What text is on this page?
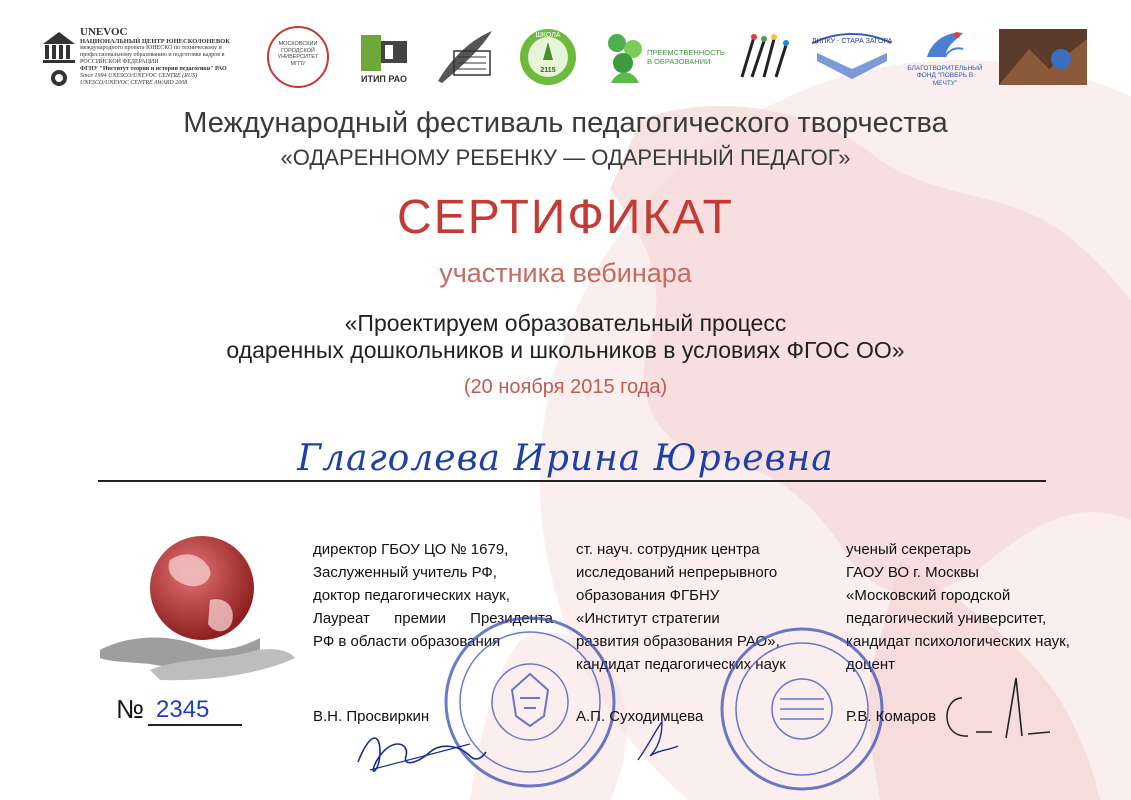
UNEVOC
НАЦИОНАЛЬНЫЙ ЦЕНТР ЮНЕСКО/ЮНЕВОК
международного проекта ЮНЕСКО по техническому и профессиональному образованию и подготовке кадров в РОССИЙСКОЙ ФЕДЕРАЦИИ
ФГНУ "Институт теории и истории педагогики" РАО
Since 1994 UNESCO/UNEVOC CENTRE (RUS)
UNESCO/UNEVOC CENTRE AWARD 2008
МОСКОВСКИЙ ГОРОДСКОЙ УНИВЕРСИТЕТ МГПУ
ИТИП РАО
ШКОЛА
2115
ПРЕЕМСТВЕННОСТЬ В ОБРАЗОВАНИИ
ДИПКУ - СТАРА ЗАГОРА
БЛАГОТВОРИТЕЛЬНЫЙ ФОНД "ПОВЕРЬ В МЕЧТУ"
Международный фестиваль педагогического творчества
«ОДАРЕННОМУ РЕБЕНКУ — ОДАРЕННЫЙ ПЕДАГОГ»
СЕРТИФИКАТ
участника вебинара
«Проектируем образовательный процесс
одаренных дошкольников и школьников в условиях ФГОС ОО»
(20 ноября 2015 года)
Глаголева Ирина Юрьевна
№ 2345
директор ГБОУ ЦО № 1679,
Заслуженный учитель РФ,
доктор педагогических наук,
Лауреат премии Президента
РФ в области образования
ст. науч. сотрудник центра
исследований непрерывного
образования ФГБНУ
«Институт стратегии
развития образования РАО»,
кандидат педагогических наук
ученый секретарь
ГАОУ ВО г. Москвы
«Московский городской
педагогический университет,
кандидат психологических наук,
доцент
В.Н. Просвиркин	А.П. Суходимцева	Р.В. Комаров
